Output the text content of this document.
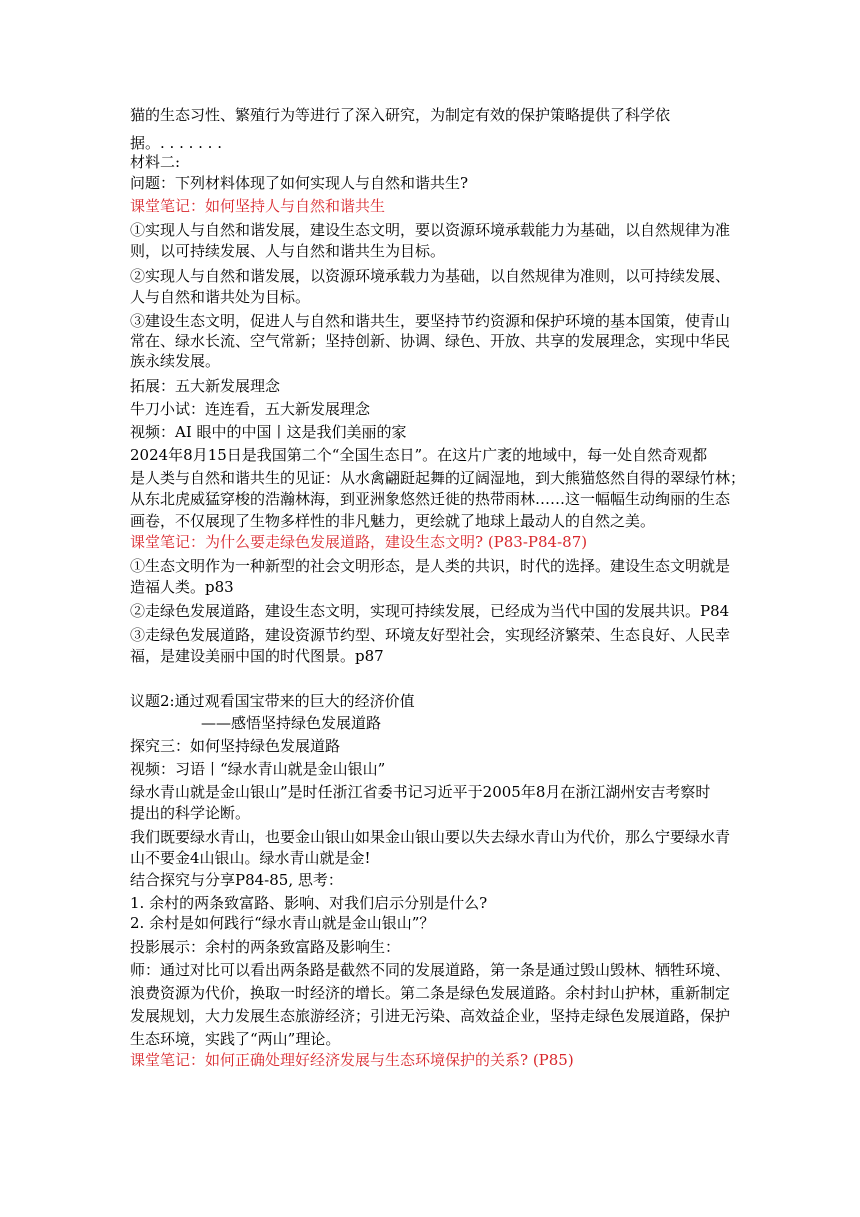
猫的生态习性、繁殖行为等进行了深入研究，为制定有效的保护策略提供了科学依
据。. . . . . . .
材料二:
问题：下列材料体现了如何实现人与自然和谐共生?
课堂笔记：如何坚持人与自然和谐共生
①实现人与自然和谐发展，建设生态文明，要以资源环境承载能力为基础，以自然规律为准
则，以可持续发展、人与自然和谐共生为目标。
②实现人与自然和谐发展，以资源环境承载力为基础，以自然规律为准则，以可持续发展、
人与自然和谐共处为目标。
③建设生态文明，促进人与自然和谐共生，要坚持节约资源和保护环境的基本国策，使青山
常在、绿水长流、空气常新；坚持创新、协调、绿色、开放、共享的发展理念，实现中华民
族永续发展。
拓展：五大新发展理念
牛刀小试：连连看，五大新发展理念
视频：AI 眼中的中国丨这是我们美丽的家
2024年8月15日是我国第二个“全国生态日”。在这片广袤的地域中，每一处自然奇观都
是人类与自然和谐共生的见证：从水禽翩跹起舞的辽阔湿地，到大熊猫悠然自得的翠绿竹林；
从东北虎威猛穿梭的浩瀚林海，到亚洲象悠然迁徙的热带雨林……这一幅幅生动绚丽的生态
画卷，不仅展现了生物多样性的非凡魅力，更绘就了地球上最动人的自然之美。
课堂笔记：为什么要走绿色发展道路，建设生态文明? (P83-P84-87)
①生态文明作为一种新型的社会文明形态，是人类的共识，时代的选择。建设生态文明就是
造福人类。p83
②走绿色发展道路，建设生态文明，实现可持续发展，已经成为当代中国的发展共识。P84
③走绿色发展道路，建设资源节约型、环境友好型社会，实现经济繁荣、生态良好、人民幸
福，是建设美丽中国的时代图景。p87
议题2:通过观看国宝带来的巨大的经济价值
——感悟坚持绿色发展道路
探究三：如何坚持绿色发展道路
视频：习语丨“绿水青山就是金山银山”
绿水青山就是金山银山”是时任浙江省委书记习近平于2005年8月在浙江湖州安吉考察时
提出的科学论断。
我们既要绿水青山，也要金山银山如果金山银山要以失去绿水青山为代价，那么宁要绿水青
山不要金4山银山。绿水青山就是金!
结合探究与分享P84-85, 思考：
1. 余村的两条致富路、影响、对我们启示分别是什么?
2. 余村是如何践行“绿水青山就是金山银山”？
投影展示：余村的两条致富路及影响生：
师：通过对比可以看出两条路是截然不同的发展道路，第一条是通过毁山毁林、牺牲环境、
浪费资源为代价，换取一时经济的增长。第二条是绿色发展道路。余村封山护林，重新制定
发展规划，大力发展生态旅游经济；引进无污染、高效益企业，坚持走绿色发展道路，保护
生态环境，实践了“两山”理论。
课堂笔记：如何正确处理好经济发展与生态环境保护的关系? (P85)
